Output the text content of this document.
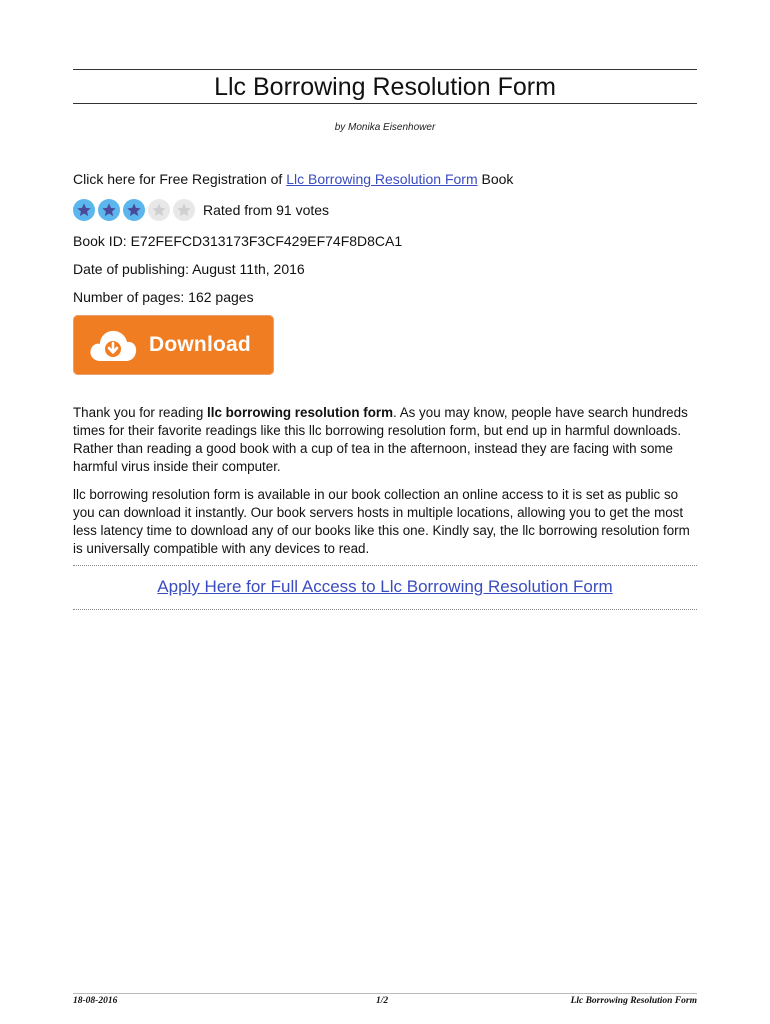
Llc Borrowing Resolution Form
by Monika Eisenhower
Click here for Free Registration of Llc Borrowing Resolution Form Book
Rated from 91 votes
Book ID: E72FEFCD313173F3CF429EF74F8D8CA1
Date of publishing: August 11th, 2016
Number of pages: 162 pages
Download
Thank you for reading llc borrowing resolution form. As you may know, people have search hundreds times for their favorite readings like this llc borrowing resolution form, but end up in harmful downloads. Rather than reading a good book with a cup of tea in the afternoon, instead they are facing with some harmful virus inside their computer.
llc borrowing resolution form is available in our book collection an online access to it is set as public so you can download it instantly. Our book servers hosts in multiple locations, allowing you to get the most less latency time to download any of our books like this one. Kindly say, the llc borrowing resolution form is universally compatible with any devices to read.
Apply Here for Full Access to Llc Borrowing Resolution Form
18-08-2016	1/2	Llc Borrowing Resolution Form
